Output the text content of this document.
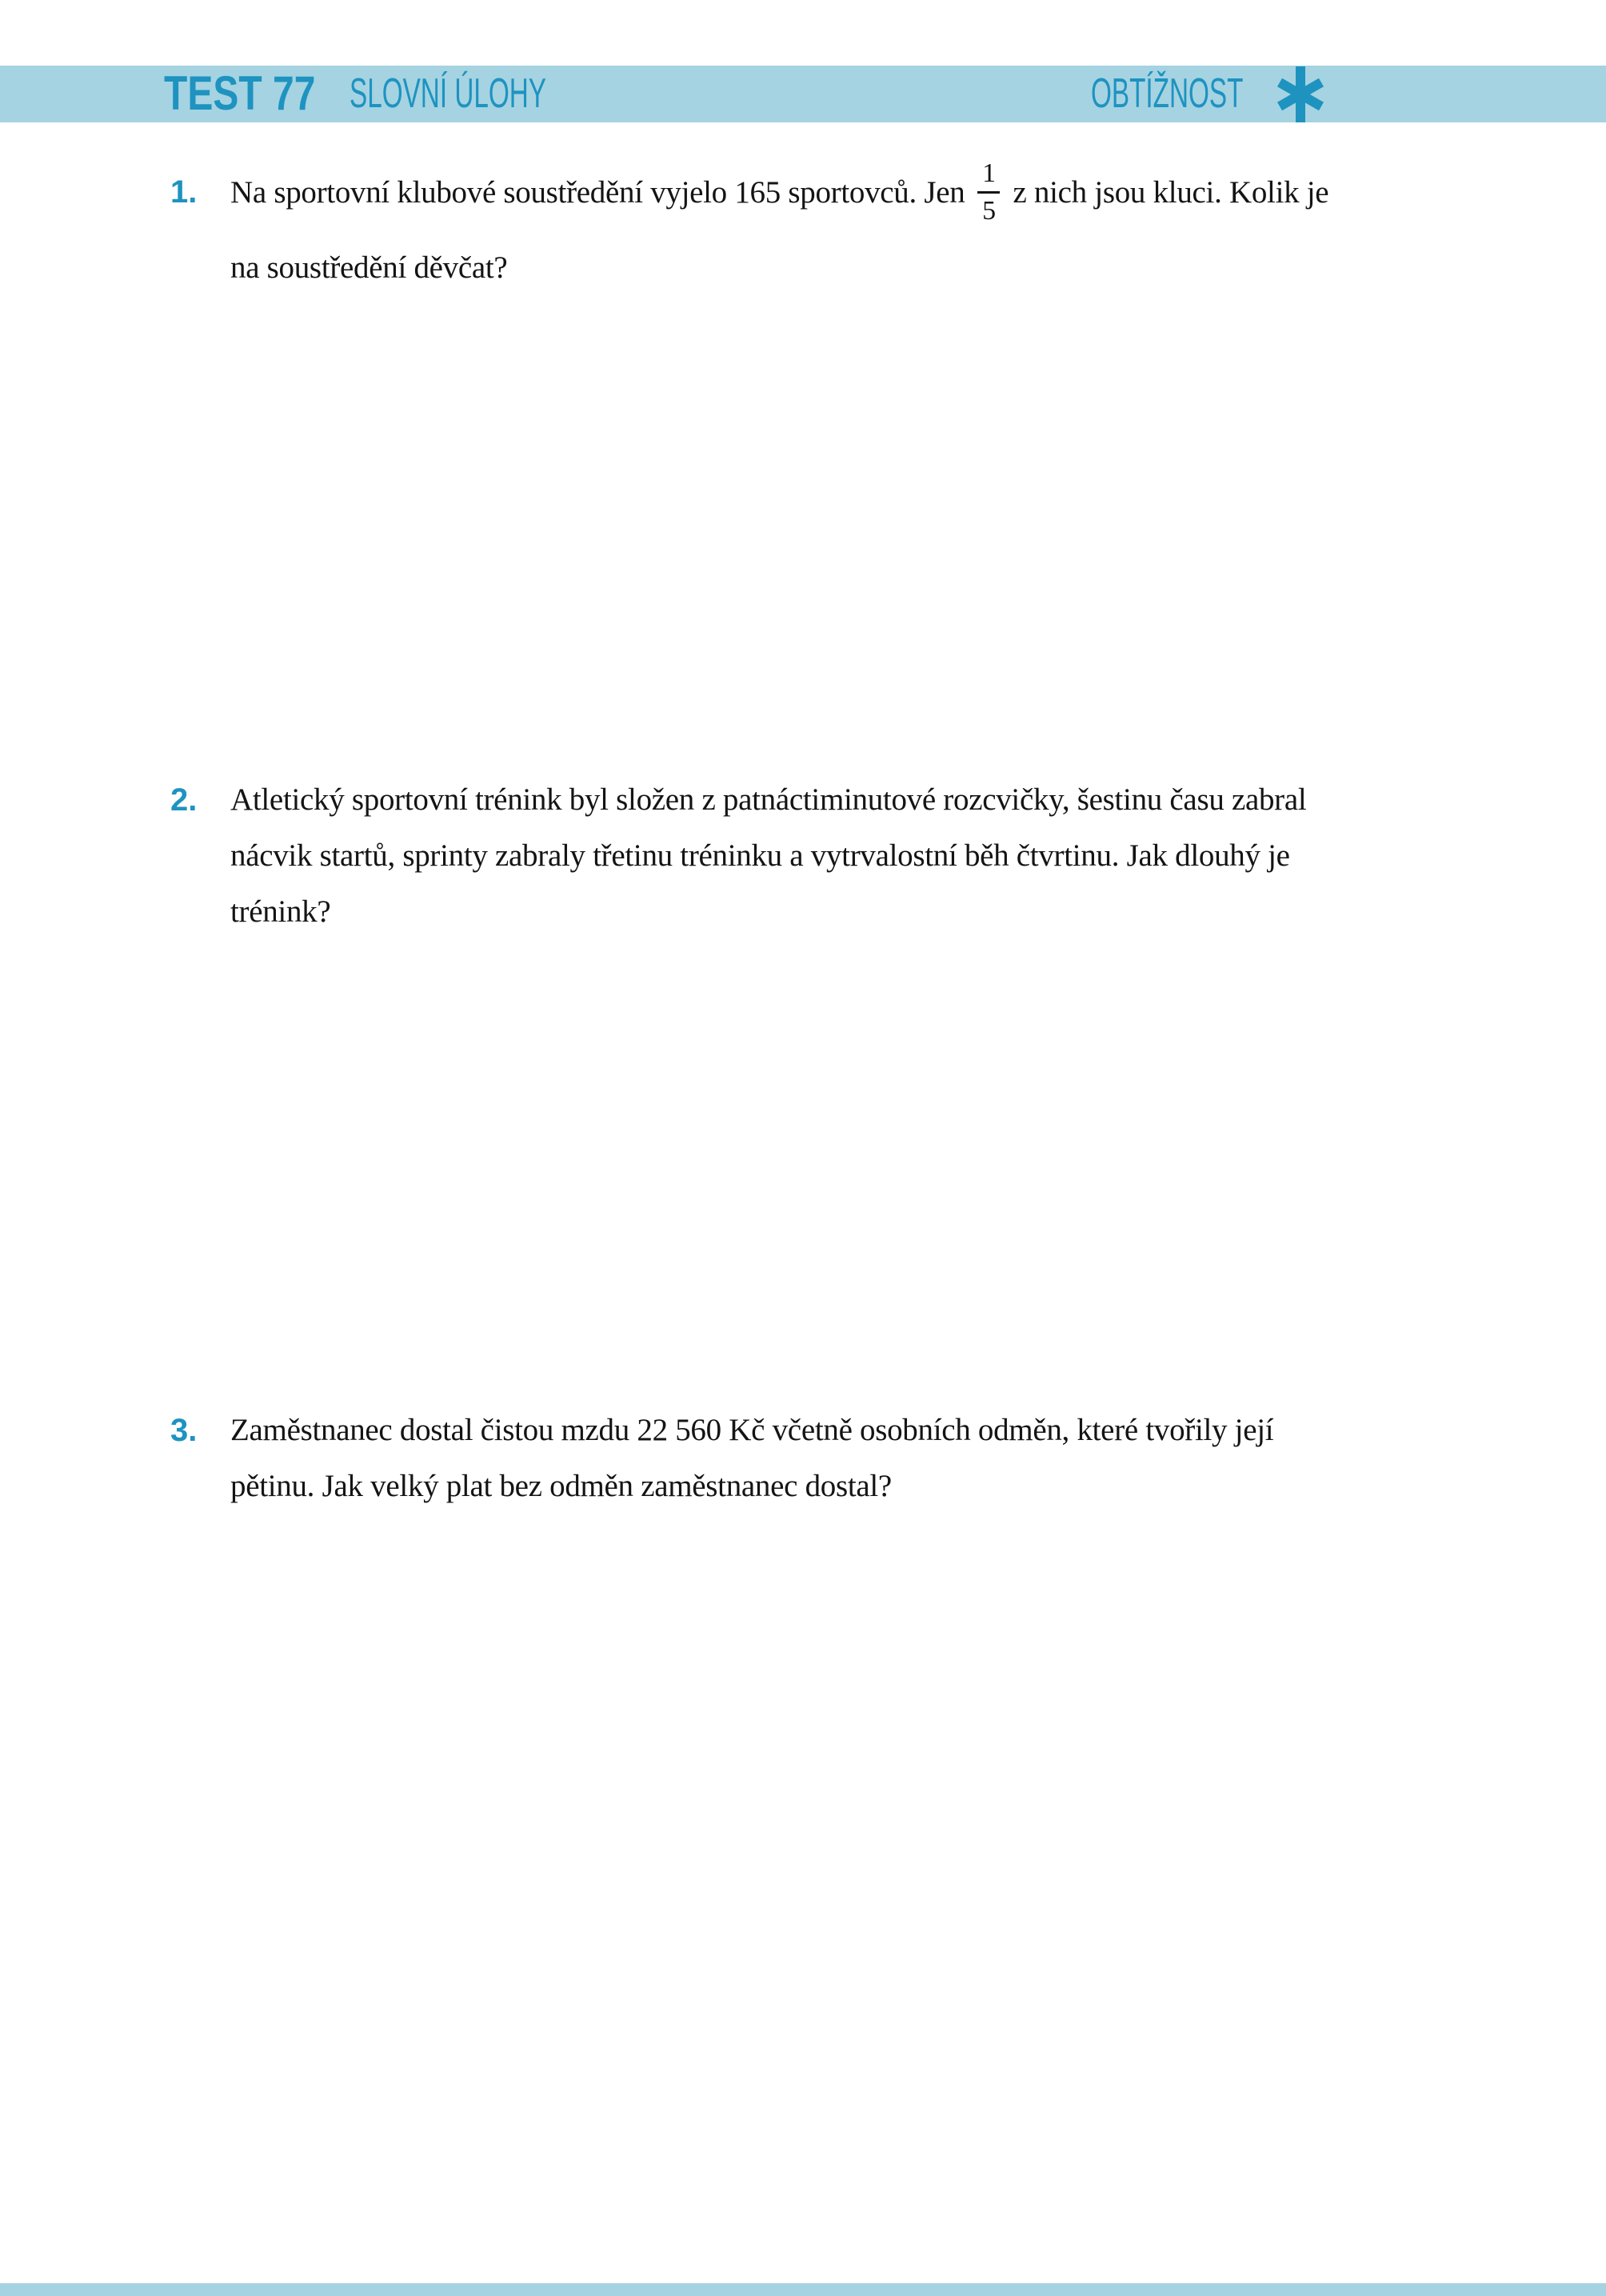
TEST 77 SLOVNÍ ÚLOHY	OBTÍŽNOST
1. Na sportovní klubové soustředění vyjelo 165 sportovců. Jen $\frac{1}{5}$ z nich jsou kluci. Kolik je
na soustředění děvčat?
2. Atletický sportovní trénink byl složen z patnáctiminutové rozcvičky, šestinu času zabral
nácvik startů, sprinty zabraly třetinu tréninku a vytrvalostní běh čtvrtinu. Jak dlouhý je
trénink?
3. Zaměstnanec dostal čistou mzdu 22 560 Kč včetně osobních odměn, které tvořily její
pětinu. Jak velký plat bez odměn zaměstnanec dostal?
